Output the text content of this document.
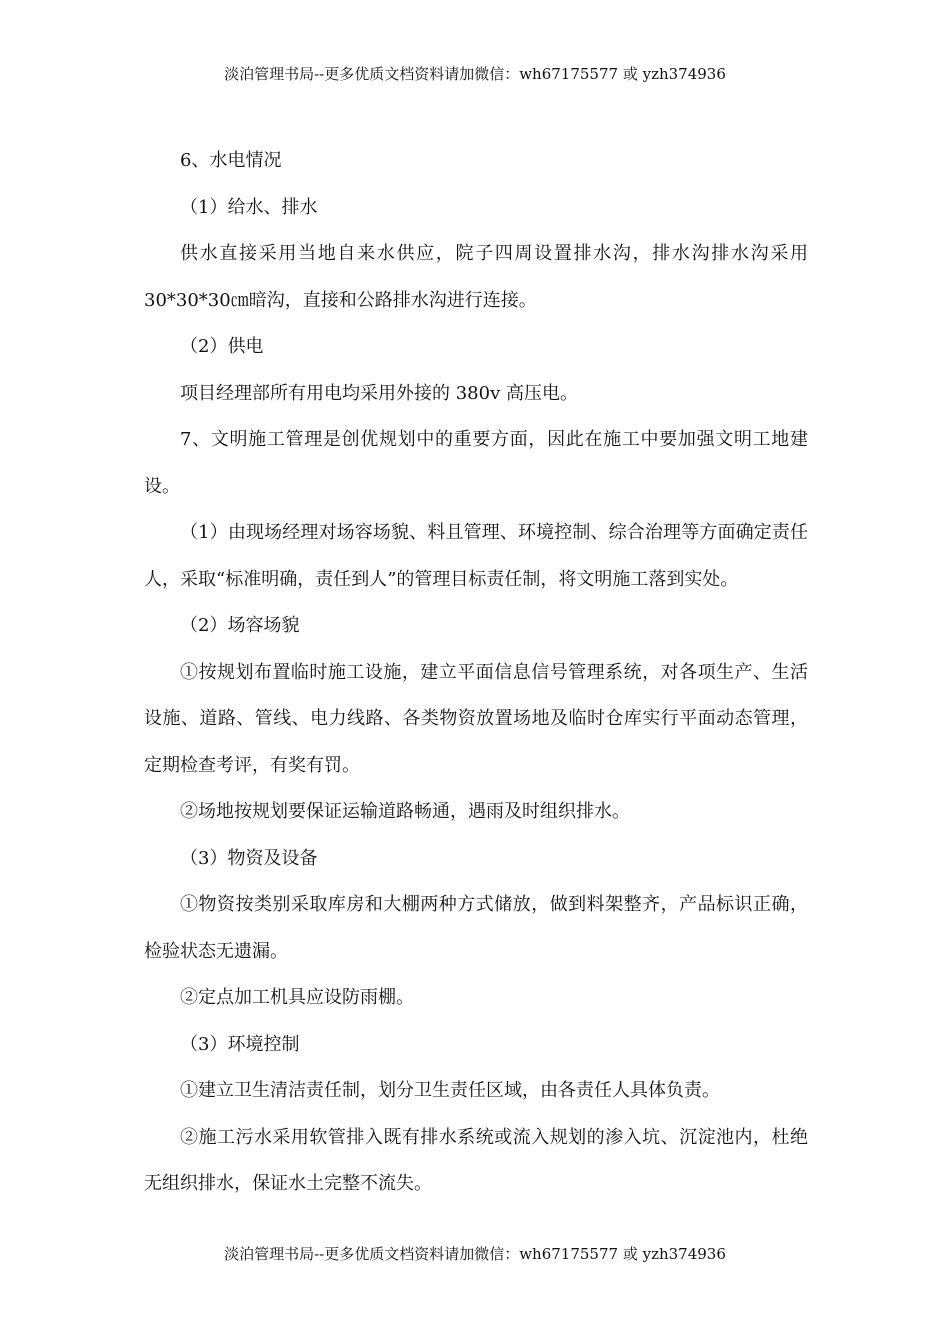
淡泊管理书局--更多优质文档资料请加微信：wh67175577 或 yzh374936

6、水电情况

（1）给水、排水

供水直接采用当地自来水供应，院子四周设置排水沟，排水沟排水沟采用30*30*30㎝暗沟，直接和公路排水沟进行连接。

（2）供电

项目经理部所有用电均采用外接的 380v 高压电。

7、文明施工管理是创优规划中的重要方面，因此在施工中要加强文明工地建设。

（1）由现场经理对场容场貌、料且管理、环境控制、综合治理等方面确定责任人，采取“标准明确，责任到人”的管理目标责任制，将文明施工落到实处。

（2）场容场貌

①按规划布置临时施工设施，建立平面信息信号管理系统，对各项生产、生活设施、道路、管线、电力线路、各类物资放置场地及临时仓库实行平面动态管理，定期检查考评，有奖有罚。

②场地按规划要保证运输道路畅通，遇雨及时组织排水。

（3）物资及设备

①物资按类别采取库房和大棚两种方式储放，做到料架整齐，产品标识正确，检验状态无遗漏。

②定点加工机具应设防雨棚。

（3）环境控制

①建立卫生清洁责任制，划分卫生责任区域，由各责任人具体负责。

②施工污水采用软管排入既有排水系统或流入规划的渗入坑、沉淀池内，杜绝无组织排水，保证水土完整不流失。

淡泊管理书局--更多优质文档资料请加微信：wh67175577 或 yzh374936
